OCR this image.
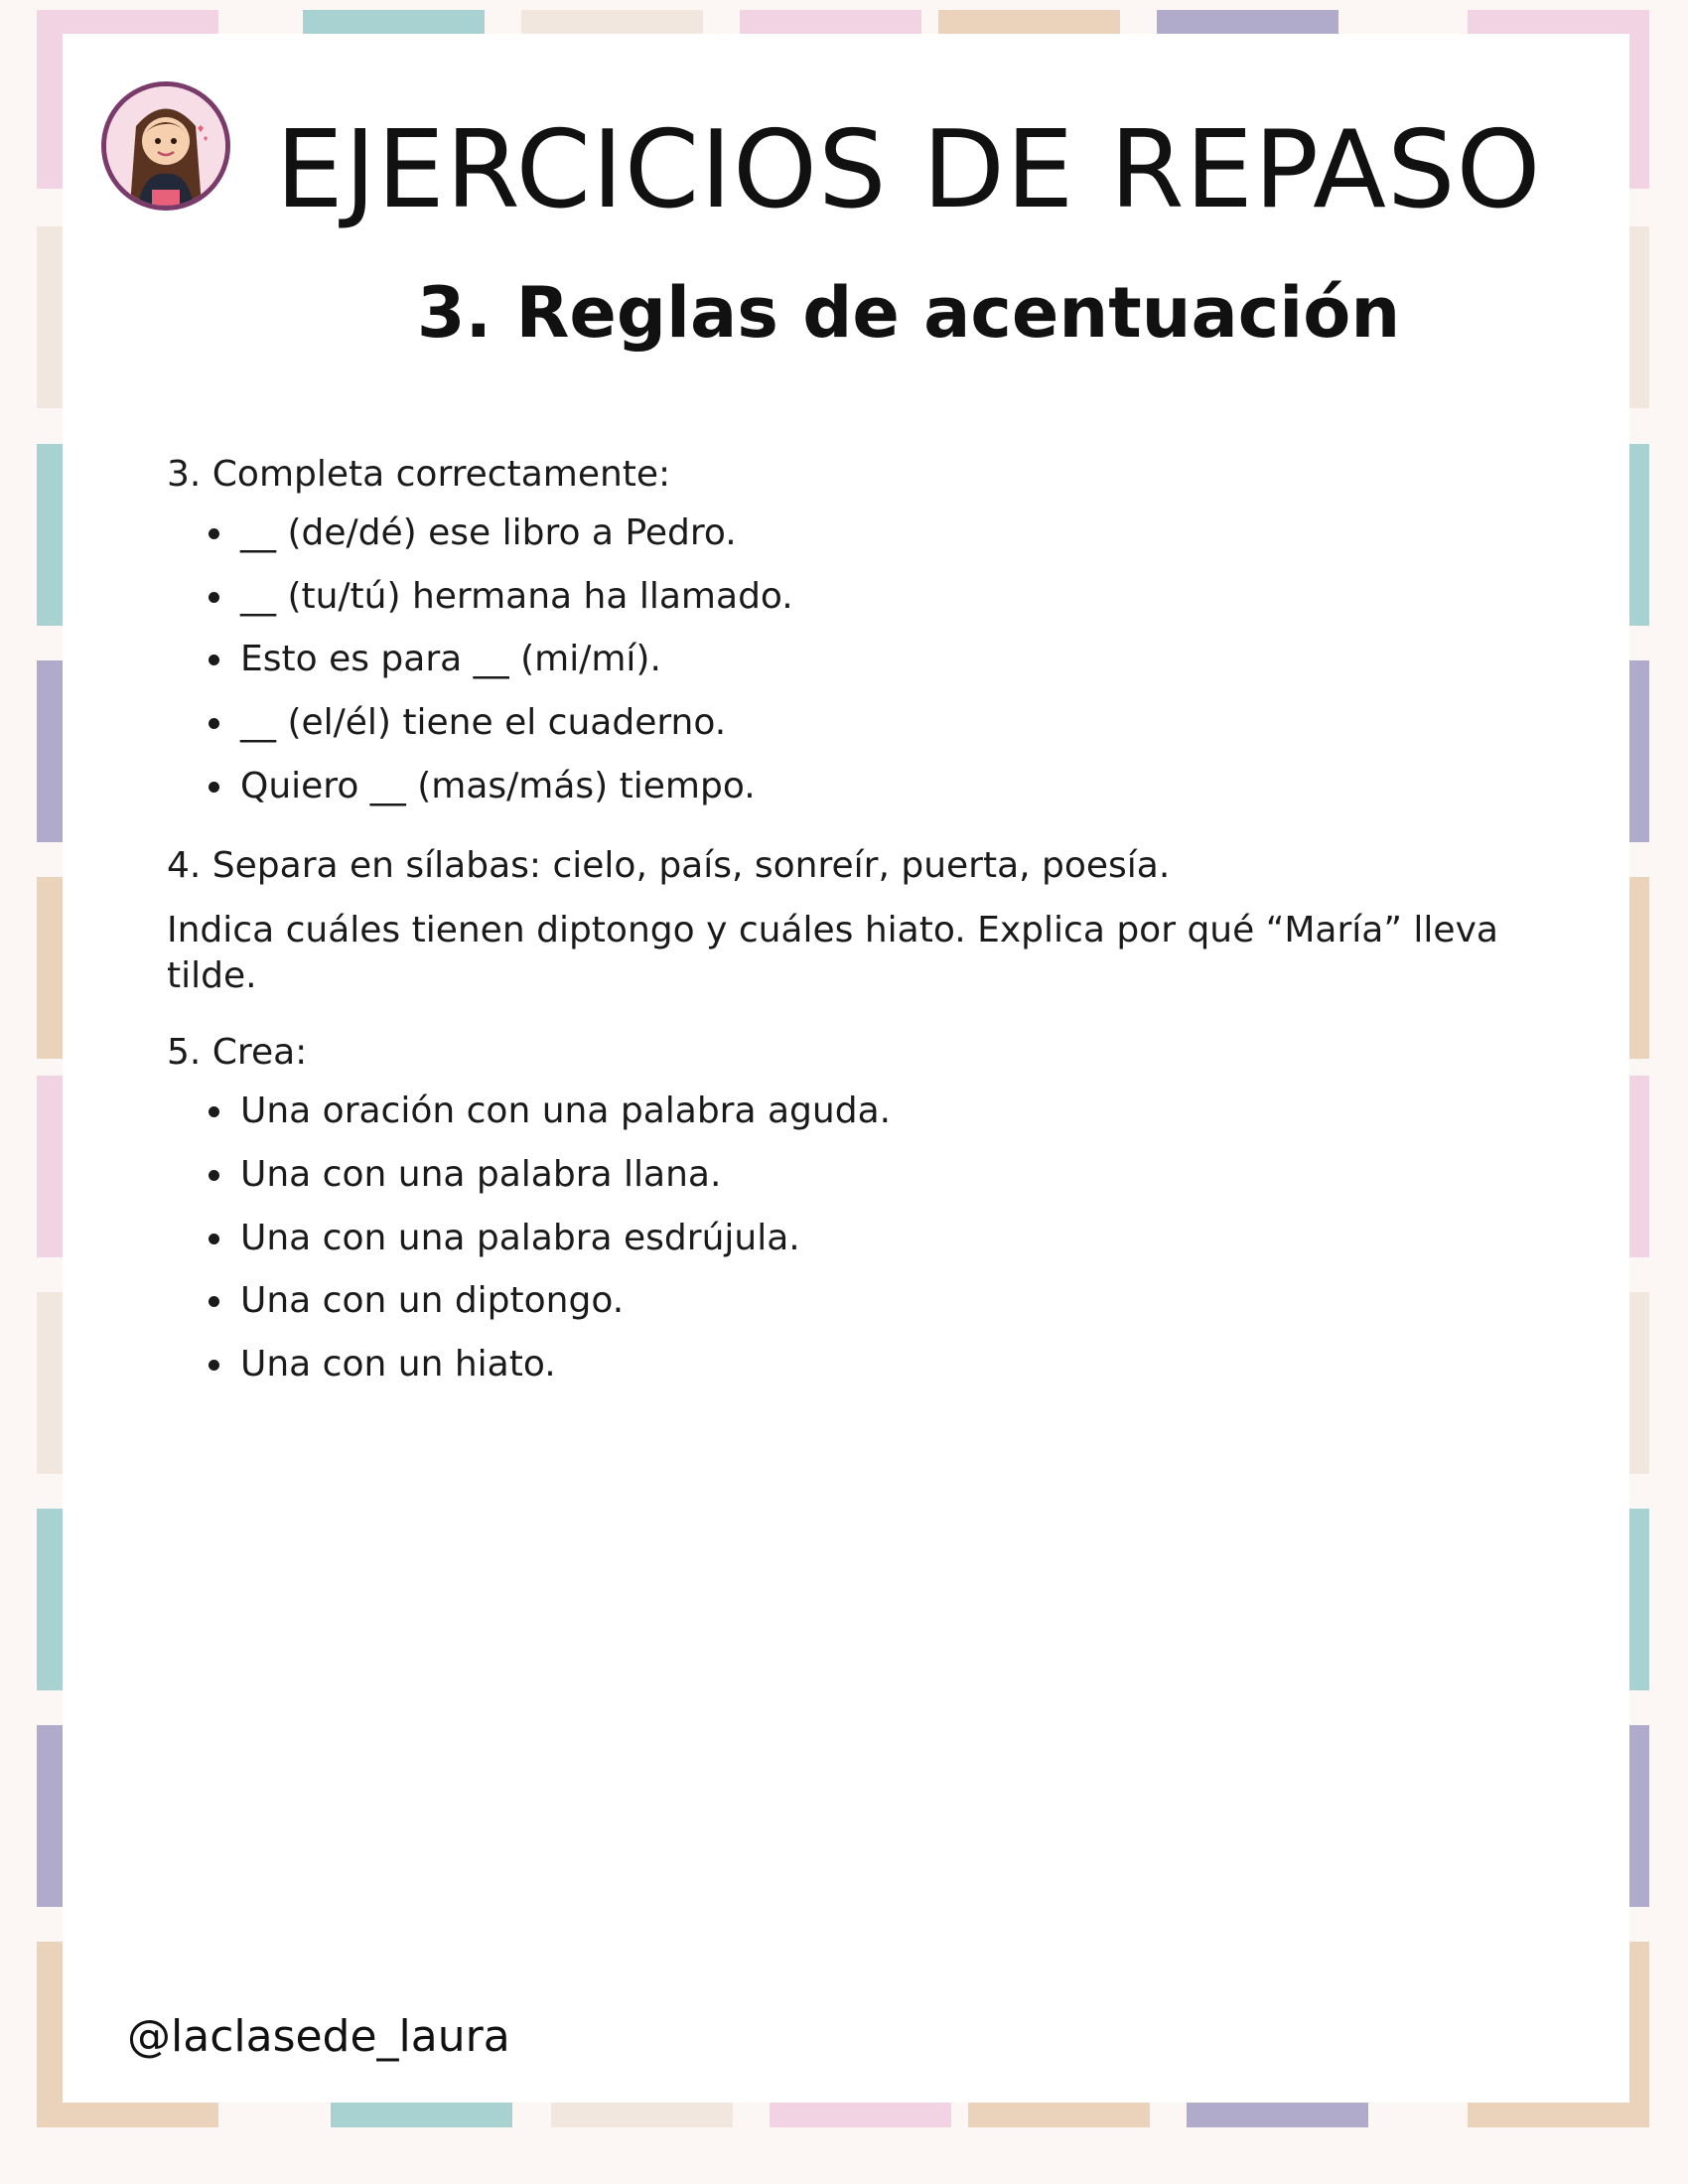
EJERCICIOS DE REPASO
3. Reglas de acentuación

3. Completa correctamente:

• __ (de/dé) ese libro a Pedro.
• __ (tu/tú) hermana ha llamado.
• Esto es para __ (mi/mí).
• __ (el/él) tiene el cuaderno.
• Quiero __ (mas/más) tiempo.

4. Separa en sílabas: cielo, país, sonreír, puerta, poesía.

Indica cuáles tienen diptongo y cuáles hiato. Explica por qué “María” lleva tilde.

5. Crea:

• Una oración con una palabra aguda.
• Una con una palabra llana.
• Una con una palabra esdrújula.
• Una con un diptongo.
• Una con un hiato.
@laclasede_laura
